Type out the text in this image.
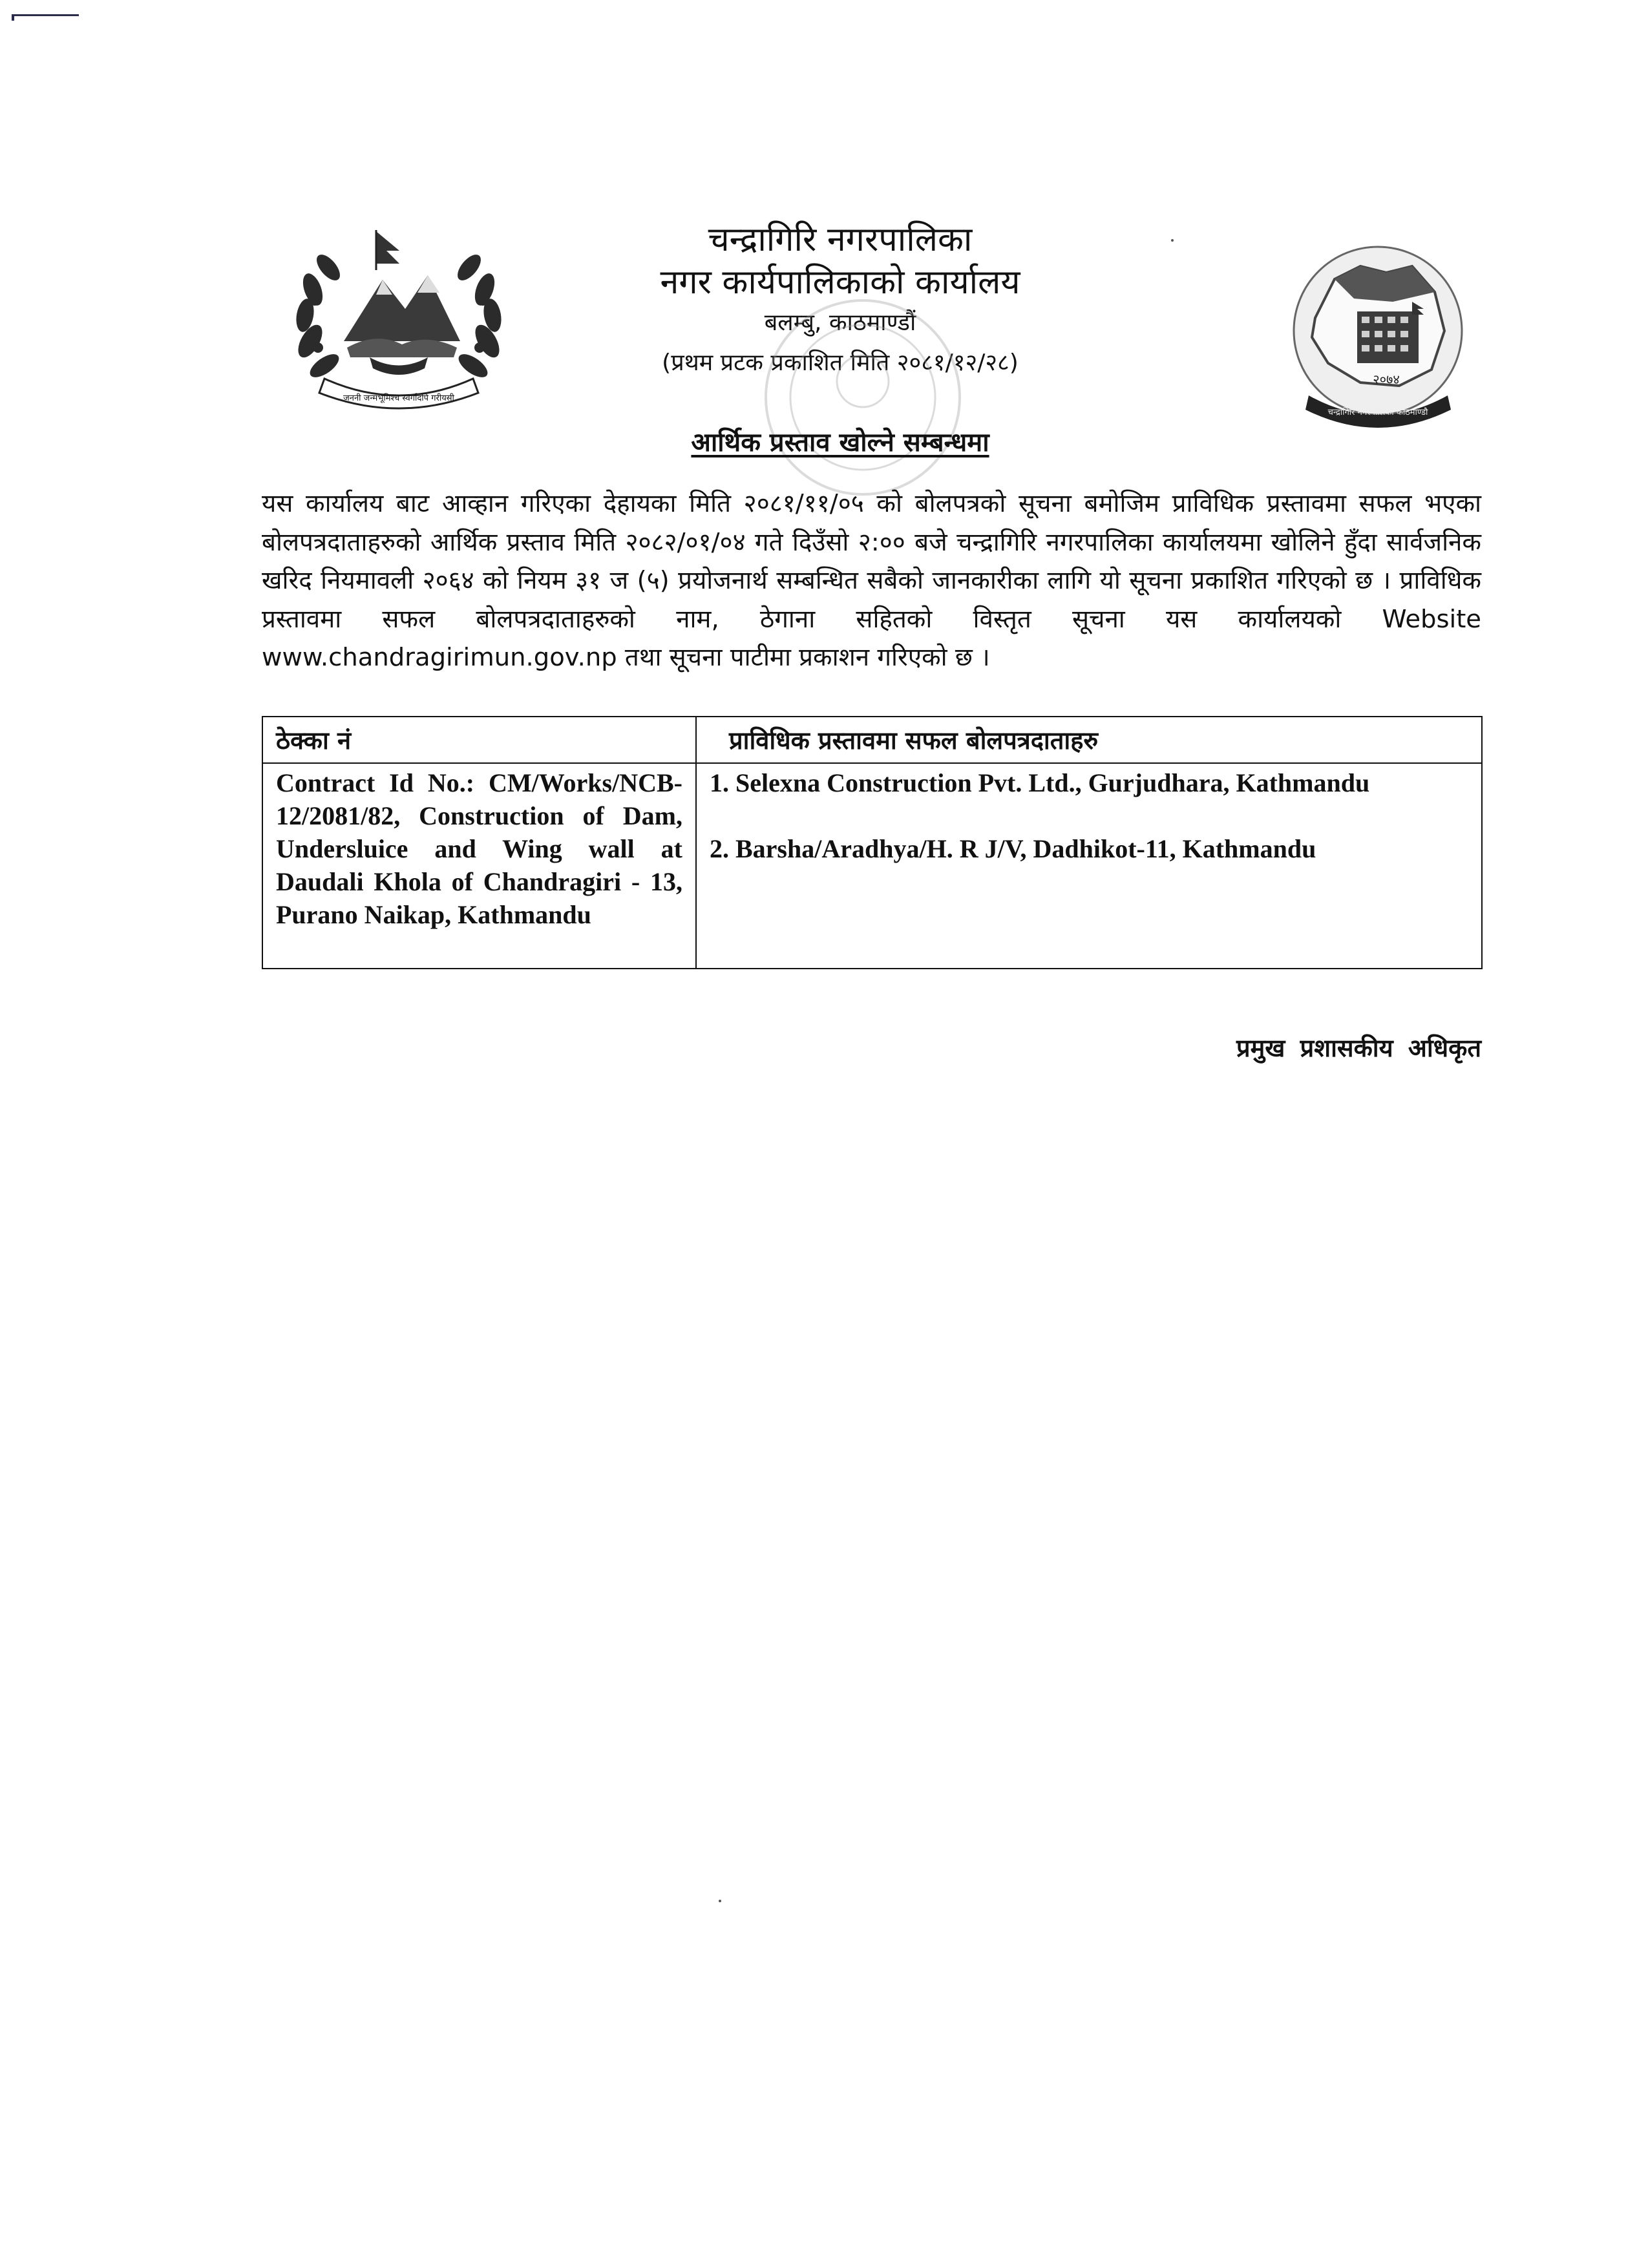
जननी जन्मभूमिश्च स्वर्गादपि गरीयसी
चन्द्रागिरि नगरपालिका
नगर कार्यपालिकाको कार्यालय
बलम्बु, काठमाण्डौं
(प्रथम प्रटक प्रकाशित मिति २०८१/१२/२८)
२०७४
चन्द्रागिरि नगरपालिका काठमाण्डौ
आर्थिक प्रस्ताव खोल्ने सम्बन्धमा
यस कार्यालय बाट आव्हान गरिएका देहायका मिति २०८१/११/०५ को बोलपत्रको सूचना बमोजिम प्राविधिक प्रस्तावमा सफल भएका बोलपत्रदाताहरुको आर्थिक प्रस्ताव मिति २०८२/०१/०४ गते दिउँसो २:०० बजे चन्द्रागिरि नगरपालिका कार्यालयमा खोलिने हुँदा सार्वजनिक खरिद नियमावली २०६४ को नियम ३१ ज (५) प्रयोजनार्थ सम्बन्धित सबैको जानकारीका लागि यो सूचना प्रकाशित गरिएको छ । प्राविधिक प्रस्तावमा सफल बोलपत्रदाताहरुको नाम, ठेगाना सहितको विस्तृत सूचना यस कार्यालयको Website www.chandragirimun.gov.np तथा सूचना पाटीमा प्रकाशन गरिएको छ ।
ठेक्का नं	प्राविधिक प्रस्तावमा सफल बोलपत्रदाताहरु
Contract Id No.: CM/Works/NCB-12/2081/82, Construction of Dam, Undersluice and Wing wall at Daudali Khola of Chandragiri - 13, Purano Naikap, Kathmandu	1. Selexna Construction Pvt. Ltd., Gurjudhara, Kathmandu

2. Barsha/Aradhya/H. R J/V, Dadhikot-11, Kathmandu

प्रमुख प्रशासकीय अधिकृत
